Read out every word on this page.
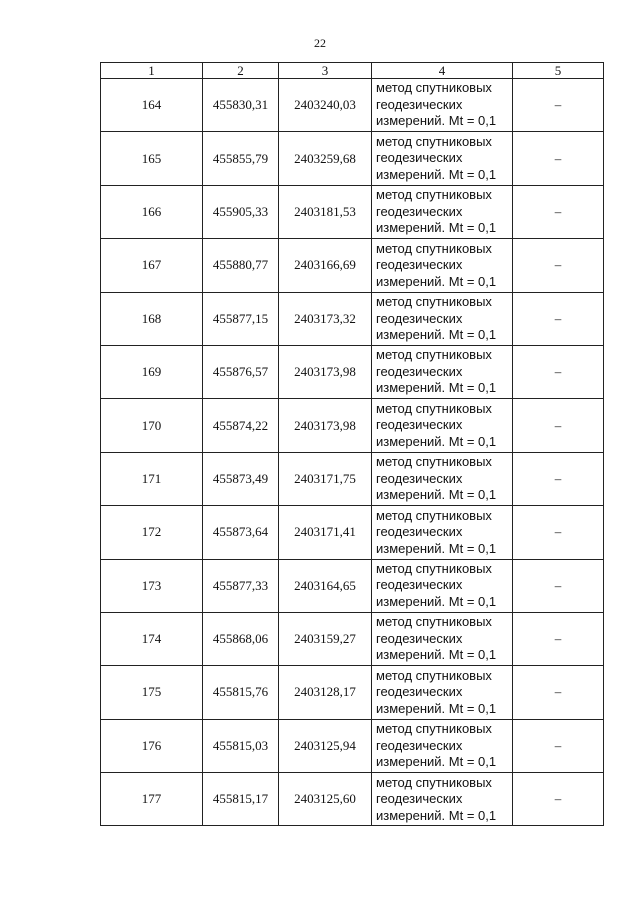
22
1	2	3	4	5
164	455830,31	2403240,03	метод спутниковых
геодезических
измерений. Mt = 0,1	–
165	455855,79	2403259,68	метод спутниковых
геодезических
измерений. Mt = 0,1	–
166	455905,33	2403181,53	метод спутниковых
геодезических
измерений. Mt = 0,1	–
167	455880,77	2403166,69	метод спутниковых
геодезических
измерений. Mt = 0,1	–
168	455877,15	2403173,32	метод спутниковых
геодезических
измерений. Mt = 0,1	–
169	455876,57	2403173,98	метод спутниковых
геодезических
измерений. Mt = 0,1	–
170	455874,22	2403173,98	метод спутниковых
геодезических
измерений. Mt = 0,1	–
171	455873,49	2403171,75	метод спутниковых
геодезических
измерений. Mt = 0,1	–
172	455873,64	2403171,41	метод спутниковых
геодезических
измерений. Mt = 0,1	–
173	455877,33	2403164,65	метод спутниковых
геодезических
измерений. Mt = 0,1	–
174	455868,06	2403159,27	метод спутниковых
геодезических
измерений. Mt = 0,1	–
175	455815,76	2403128,17	метод спутниковых
геодезических
измерений. Mt = 0,1	–
176	455815,03	2403125,94	метод спутниковых
геодезических
измерений. Mt = 0,1	–
177	455815,17	2403125,60	метод спутниковых
геодезических
измерений. Mt = 0,1	–
